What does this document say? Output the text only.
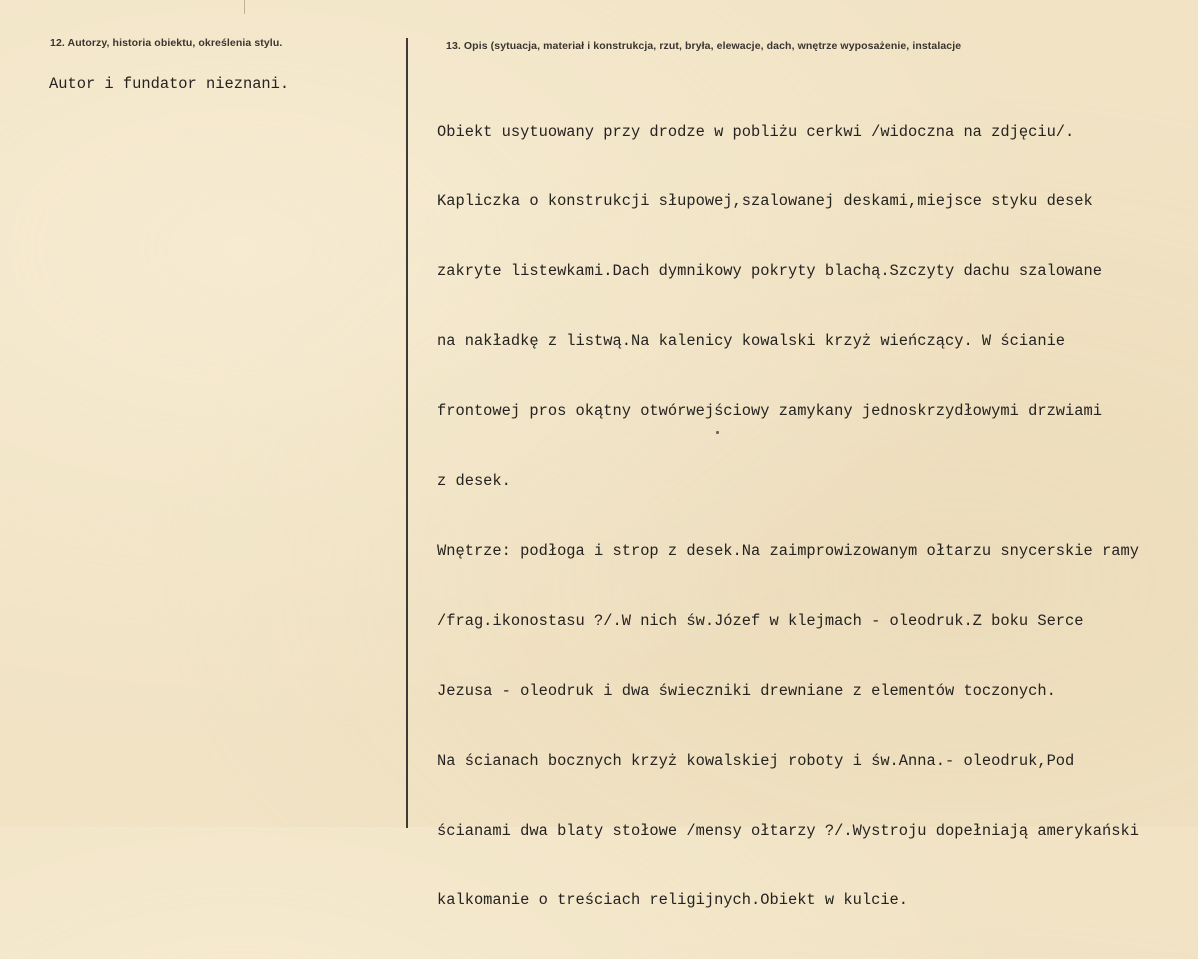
12. Autorzy, historia obiektu, określenia stylu.
Autor i fundator nieznani.
13. Opis (sytuacja, materiał i konstrukcja, rzut, bryła, elewacje, dach, wnętrze wyposażenie, instalacje

Obiekt usytuowany przy drodze w pobliżu cerkwi /widoczna na zdjęciu/.

Kapliczka o konstrukcji słupowej,szalowanej deskami,miejsce styku desek

zakryte listewkami.Dach dymnikowy pokryty blachą.Szczyty dachu szalowane

na nakładkę z listwą.Na kalenicy kowalski krzyż wieńczący. W ścianie

frontowej pros okątny otwórwejściowy zamykany jednoskrzydłowymi drzwiami

z desek.

Wnętrze: podłoga i strop z desek.Na zaimprowizowanym ołtarzu snycerskie ramy

/frag.ikonostasu ?/.W nich św.Józef w klejmach - oleodruk.Z boku Serce

Jezusa - oleodruk i dwa świeczniki drewniane z elementów toczonych.

Na ścianach bocznych krzyż kowalskiej roboty i św.Anna.- oleodruk,Pod

ścianami dwa blaty stołowe /mensy ołtarzy ?/.Wystroju dopełniają amerykański

kalkomanie o treściach religijnych.Obiekt w kulcie.
